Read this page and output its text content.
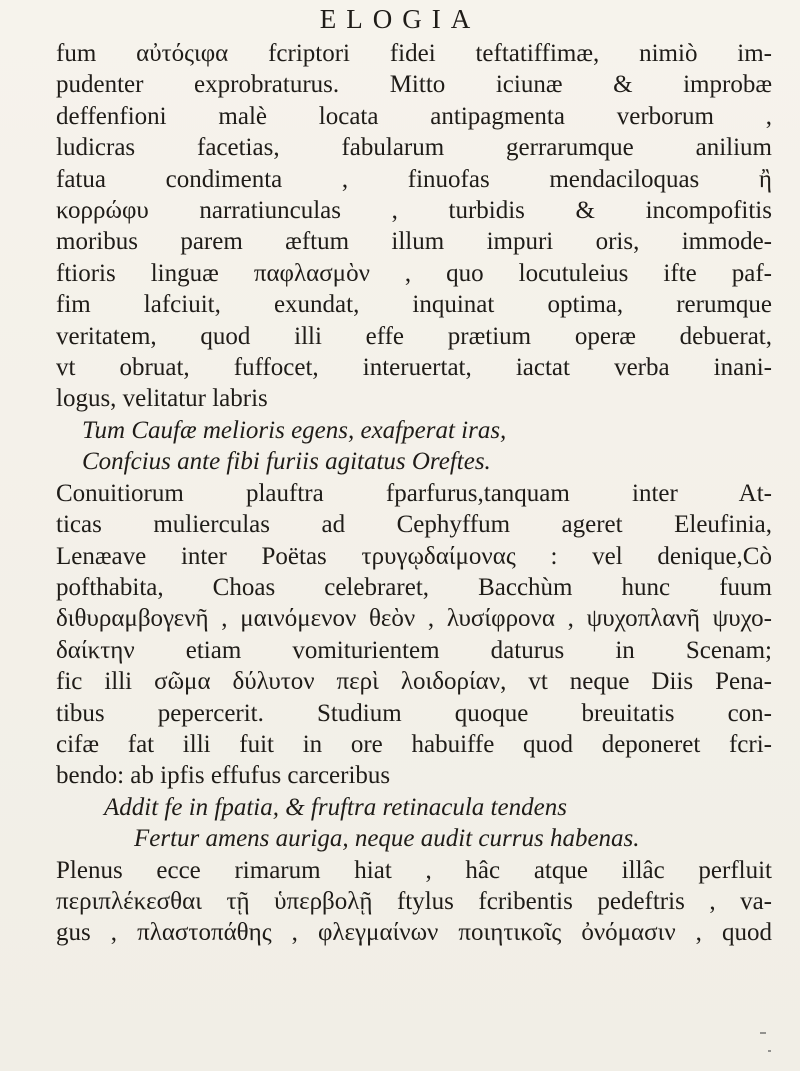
ELOGIA
fum αὐτόςιφα fcriptori fidei teftatiffimæ, nimiò im-
pudenter exprobraturus. Mitto iciunæ & improbæ
deffenfioni malè locata antipagmenta verborum ,
ludicras facetias, fabularum gerrarumque anilium
fatua condimenta , finuofas mendaciloquas ἢ
κορρώφυ narratiunculas , turbidis & incompofitis
moribus parem æftum illum impuri oris, immode-
ftioris linguæ παφλασμὸν , quo locutuleius ifte paf-
fim lafciuit, exundat, inquinat optima, rerumque
veritatem, quod illi effe prætium operæ debuerat,
vt obruat, fuffocet, interuertat, iactat verba inani-
logus, velitatur labris
Tum Caufæ melioris egens, exafperat iras,
Confcius ante fibi furiis agitatus Oreftes.
Conuitiorum plauftra fparfurus,tanquam inter At-
ticas mulierculas ad Cephyffum ageret Eleufinia,
Lenæave inter Poëtas τρυγῳδαίμονας : vel denique,Cò
pofthabita, Choas celebraret, Bacchùm hunc fuum
διθυραμβογενῆ , μαινόμενον θεὸν , λυσίφρονα , ψυχοπλανῆ ψυχο-
δαίκτην etiam vomiturientem daturus in Scenam;
fic illi σῶμα δύλυτον περὶ λοιδορίαν, vt neque Diis Pena-
tibus pepercerit. Studium quoque breuitatis con-
cifæ fat illi fuit in ore habuiffe quod deponeret fcri-
bendo: ab ipfis effufus carceribus
Addit fe in fpatia, & fruftra retinacula tendens
Fertur amens auriga, neque audit currus habenas.
Plenus ecce rimarum hiat , hâc atque illâc perfluit
περιπλέκεσθαι τῇ ὑπερβολῇ ftylus fcribentis pedeftris , va-
gus , πλαστοπάθης , φλεγμαίνων ποιητικοῖς ὀνόμασιν , quod
